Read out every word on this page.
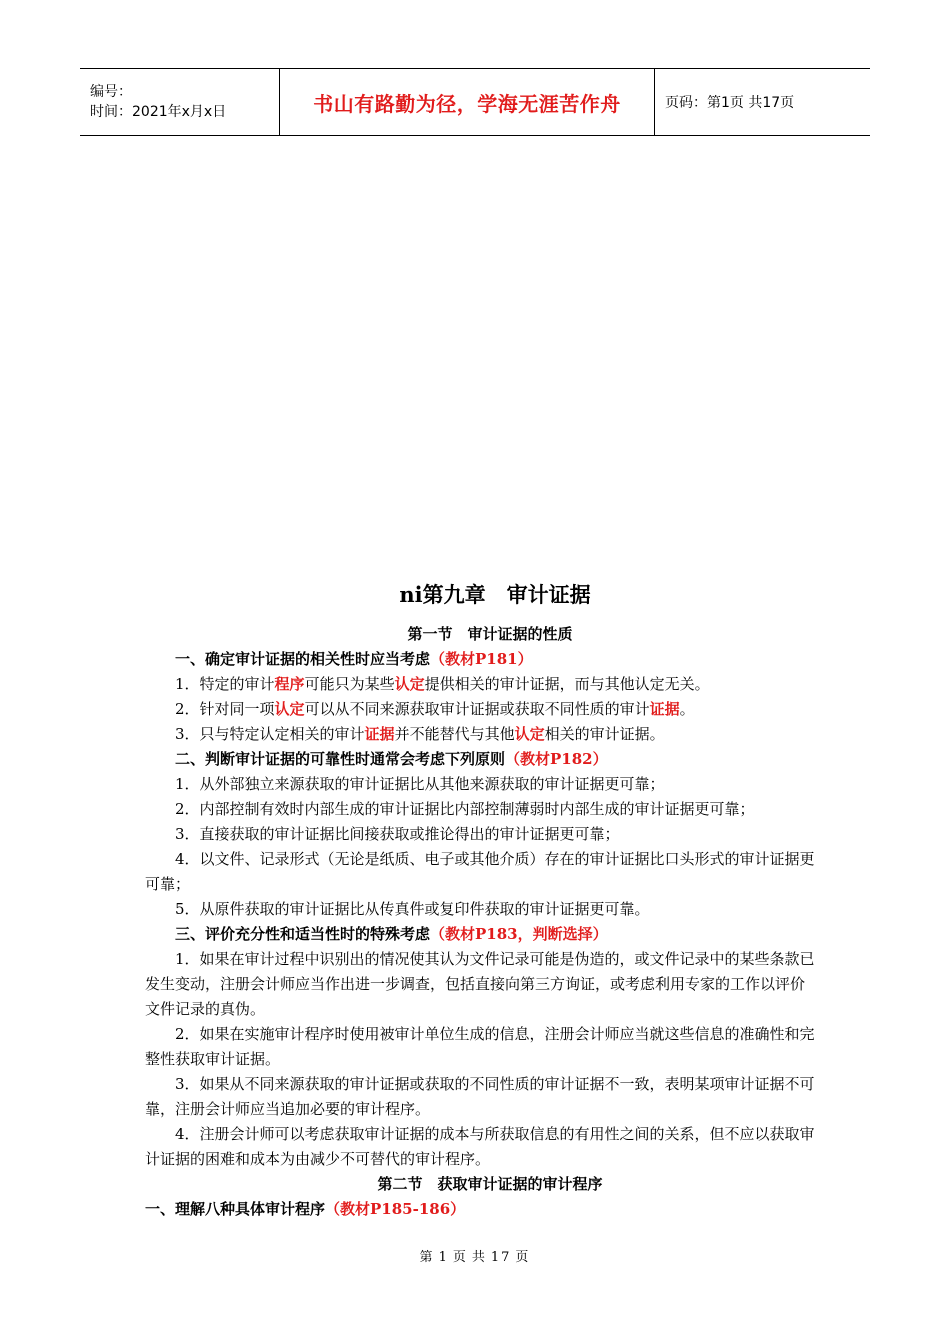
编号：
时间：2021年x月x日	书山有路勤为径，学海无涯苦作舟	页码：第1页 共17页
ni第九章　审计证据
第一节　审计证据的性质

一、确定审计证据的相关性时应当考虑（教材P181）

1．特定的审计程序可能只为某些认定提供相关的审计证据，而与其他认定无关。

2．针对同一项认定可以从不同来源获取审计证据或获取不同性质的审计证据。

3．只与特定认定相关的审计证据并不能替代与其他认定相关的审计证据。

二、判断审计证据的可靠性时通常会考虑下列原则（教材P182）

1．从外部独立来源获取的审计证据比从其他来源获取的审计证据更可靠；

2．内部控制有效时内部生成的审计证据比内部控制薄弱时内部生成的审计证据更可靠；

3．直接获取的审计证据比间接获取或推论得出的审计证据更可靠；

4．以文件、记录形式（无论是纸质、电子或其他介质）存在的审计证据比口头形式的审计证据更可靠；

5．从原件获取的审计证据比从传真件或复印件获取的审计证据更可靠。

三、评价充分性和适当性时的特殊考虑（教材P183，判断选择）

1．如果在审计过程中识别出的情况使其认为文件记录可能是伪造的，或文件记录中的某些条款已发生变动，注册会计师应当作出进一步调查，包括直接向第三方询证，或考虑利用专家的工作以评价文件记录的真伪。

2．如果在实施审计程序时使用被审计单位生成的信息，注册会计师应当就这些信息的准确性和完整性获取审计证据。

3．如果从不同来源获取的审计证据或获取的不同性质的审计证据不一致，表明某项审计证据不可靠，注册会计师应当追加必要的审计程序。

4．注册会计师可以考虑获取审计证据的成本与所获取信息的有用性之间的关系，但不应以获取审计证据的困难和成本为由减少不可替代的审计程序。

第二节　获取审计证据的审计程序

一、理解八种具体审计程序（教材P185-186）

第 1 页 共 17 页
